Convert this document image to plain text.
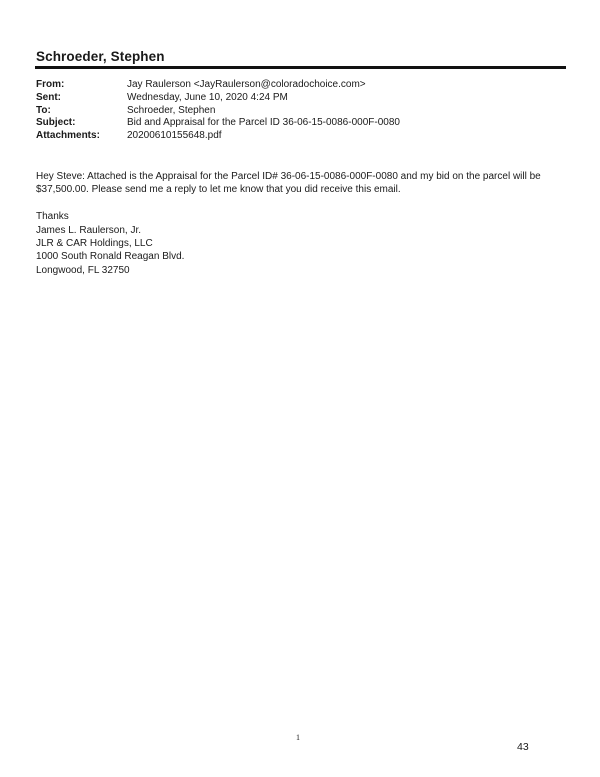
Schroeder, Stephen
From:	Jay Raulerson <JayRaulerson@coloradochoice.com>
Sent:	Wednesday, June 10, 2020 4:24 PM
To:	Schroeder, Stephen
Subject:	Bid and Appraisal for the Parcel ID 36-06-15-0086-000F-0080
Attachments:	20200610155648.pdf
Hey Steve: Attached is the Appraisal for the Parcel ID# 36-06-15-0086-000F-0080 and my bid on the parcel will be
$37,500.00. Please send me a reply to let me know that you did receive this email.
Thanks
James L. Raulerson, Jr.
JLR & CAR Holdings, LLC
1000 South Ronald Reagan Blvd.
Longwood, FL 32750
1
43
